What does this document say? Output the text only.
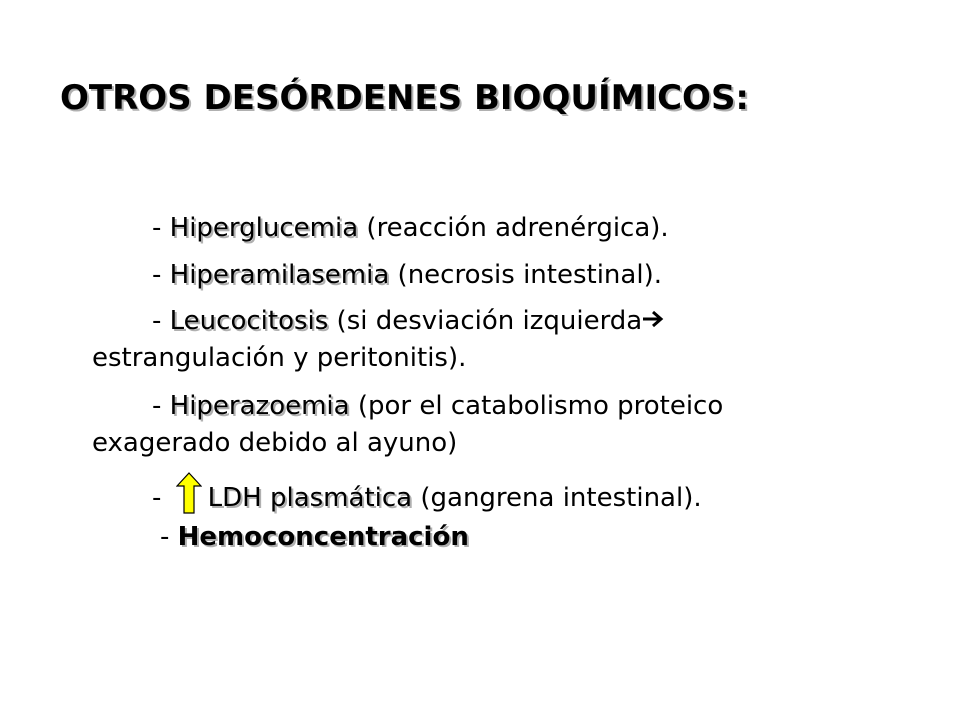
OTROS DESÓRDENES BIOQUÍMICOS:
- Hiperglucemia (reacción adrenérgica).
- Hiperamilasemia (necrosis intestinal).
- Leucocitosis (si desviación izquierda
estrangulación y peritonitis).
- Hiperazoemia (por el catabolismo proteico
exagerado debido al ayuno)
- LDH plasmática (gangrena intestinal).
- Hemoconcentración
